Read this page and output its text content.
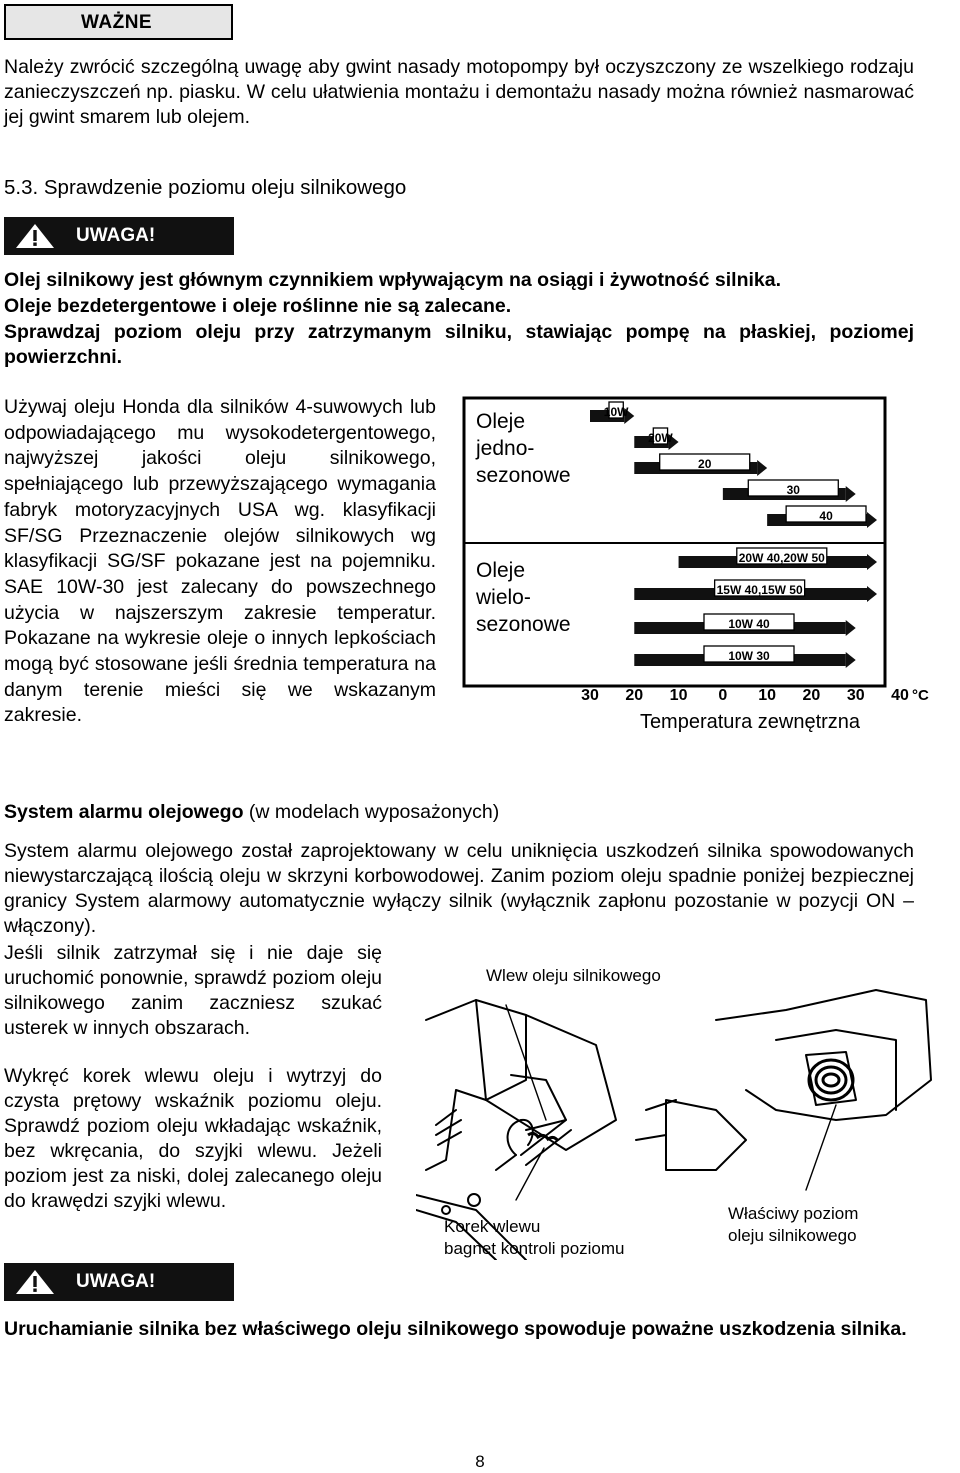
WAŻNE
Należy zwrócić szczególną uwagę aby gwint nasady motopompy był oczyszczony ze wszelkiego rodzaju zanieczyszczeń np. piasku. W celu ułatwienia montażu i demontażu nasady można również nasmarować jej gwint smarem lub olejem.
5.3. Sprawdzenie poziomu oleju silnikowego
UWAGA!
Olej silnikowy jest głównym czynnikiem wpływającym na osiągi i żywotność silnika.
Oleje bezdetergentowe i oleje roślinne nie są zalecane.
Sprawdzaj poziom oleju przy zatrzymanym silniku, stawiając pompę na płaskiej, poziomej powierzchni.
Używaj oleju Honda dla silników 4-suwowych lub odpowiadającego mu wysokodetergentowego, najwyższej jakości oleju silnikowego, spełniającego lub przewyższającego wymagania fabryk motoryzacyjnych USA wg. klasyfikacji SF/SG Przeznaczenie olejów silnikowych wg klasyfikacji SG/SF pokazane jest na pojemniku. SAE 10W-30 jest zalecany do powszechnego użycia w najszerszym zakresie temperatur. Pokazane na wykresie oleje o innych lepkościach mogą być stosowane jeśli średnia temperatura na danym terenie mieści się we wskazanym zakresie.
Oleje
jedno-
sezonowe
Oleje
wielo-
sezonowe
10W
20W
20
30
40
20W 40,20W 50
15W 40,15W 50
10W 40
10W 30
30 20 10 0 10 20 30 40 °C
Temperatura zewnętrzna
System alarmu olejowego (w modelach wyposażonych)
System alarmu olejowego został zaprojektowany w celu uniknięcia uszkodzeń silnika spowodowanych niewystarczającą ilością oleju w skrzyni korbowodowej. Zanim poziom oleju spadnie poniżej bezpiecznej granicy System alarmowy automatycznie wyłączy silnik (wyłącznik zapłonu pozostanie w pozycji ON – włączony).
Jeśli silnik zatrzymał się i nie daje się uruchomić ponownie, sprawdź poziom oleju silnikowego zanim zaczniesz szukać usterek w innych obszarach.
Wykręć korek wlewu oleju i wytrzyj do czysta prętowy wskaźnik poziomu oleju. Sprawdź poziom oleju wkładając wskaźnik, bez wkręcania, do szyjki wlewu. Jeżeli poziom jest za niski, dolej zalecanego oleju do krawędzi szyjki wlewu.
Wlew oleju silnikowego
Korek wlewu
bagnet kontroli poziomu
Właściwy poziom
oleju silnikowego
UWAGA!
Uruchamianie silnika bez właściwego oleju silnikowego spowoduje poważne uszkodzenia silnika.
8
